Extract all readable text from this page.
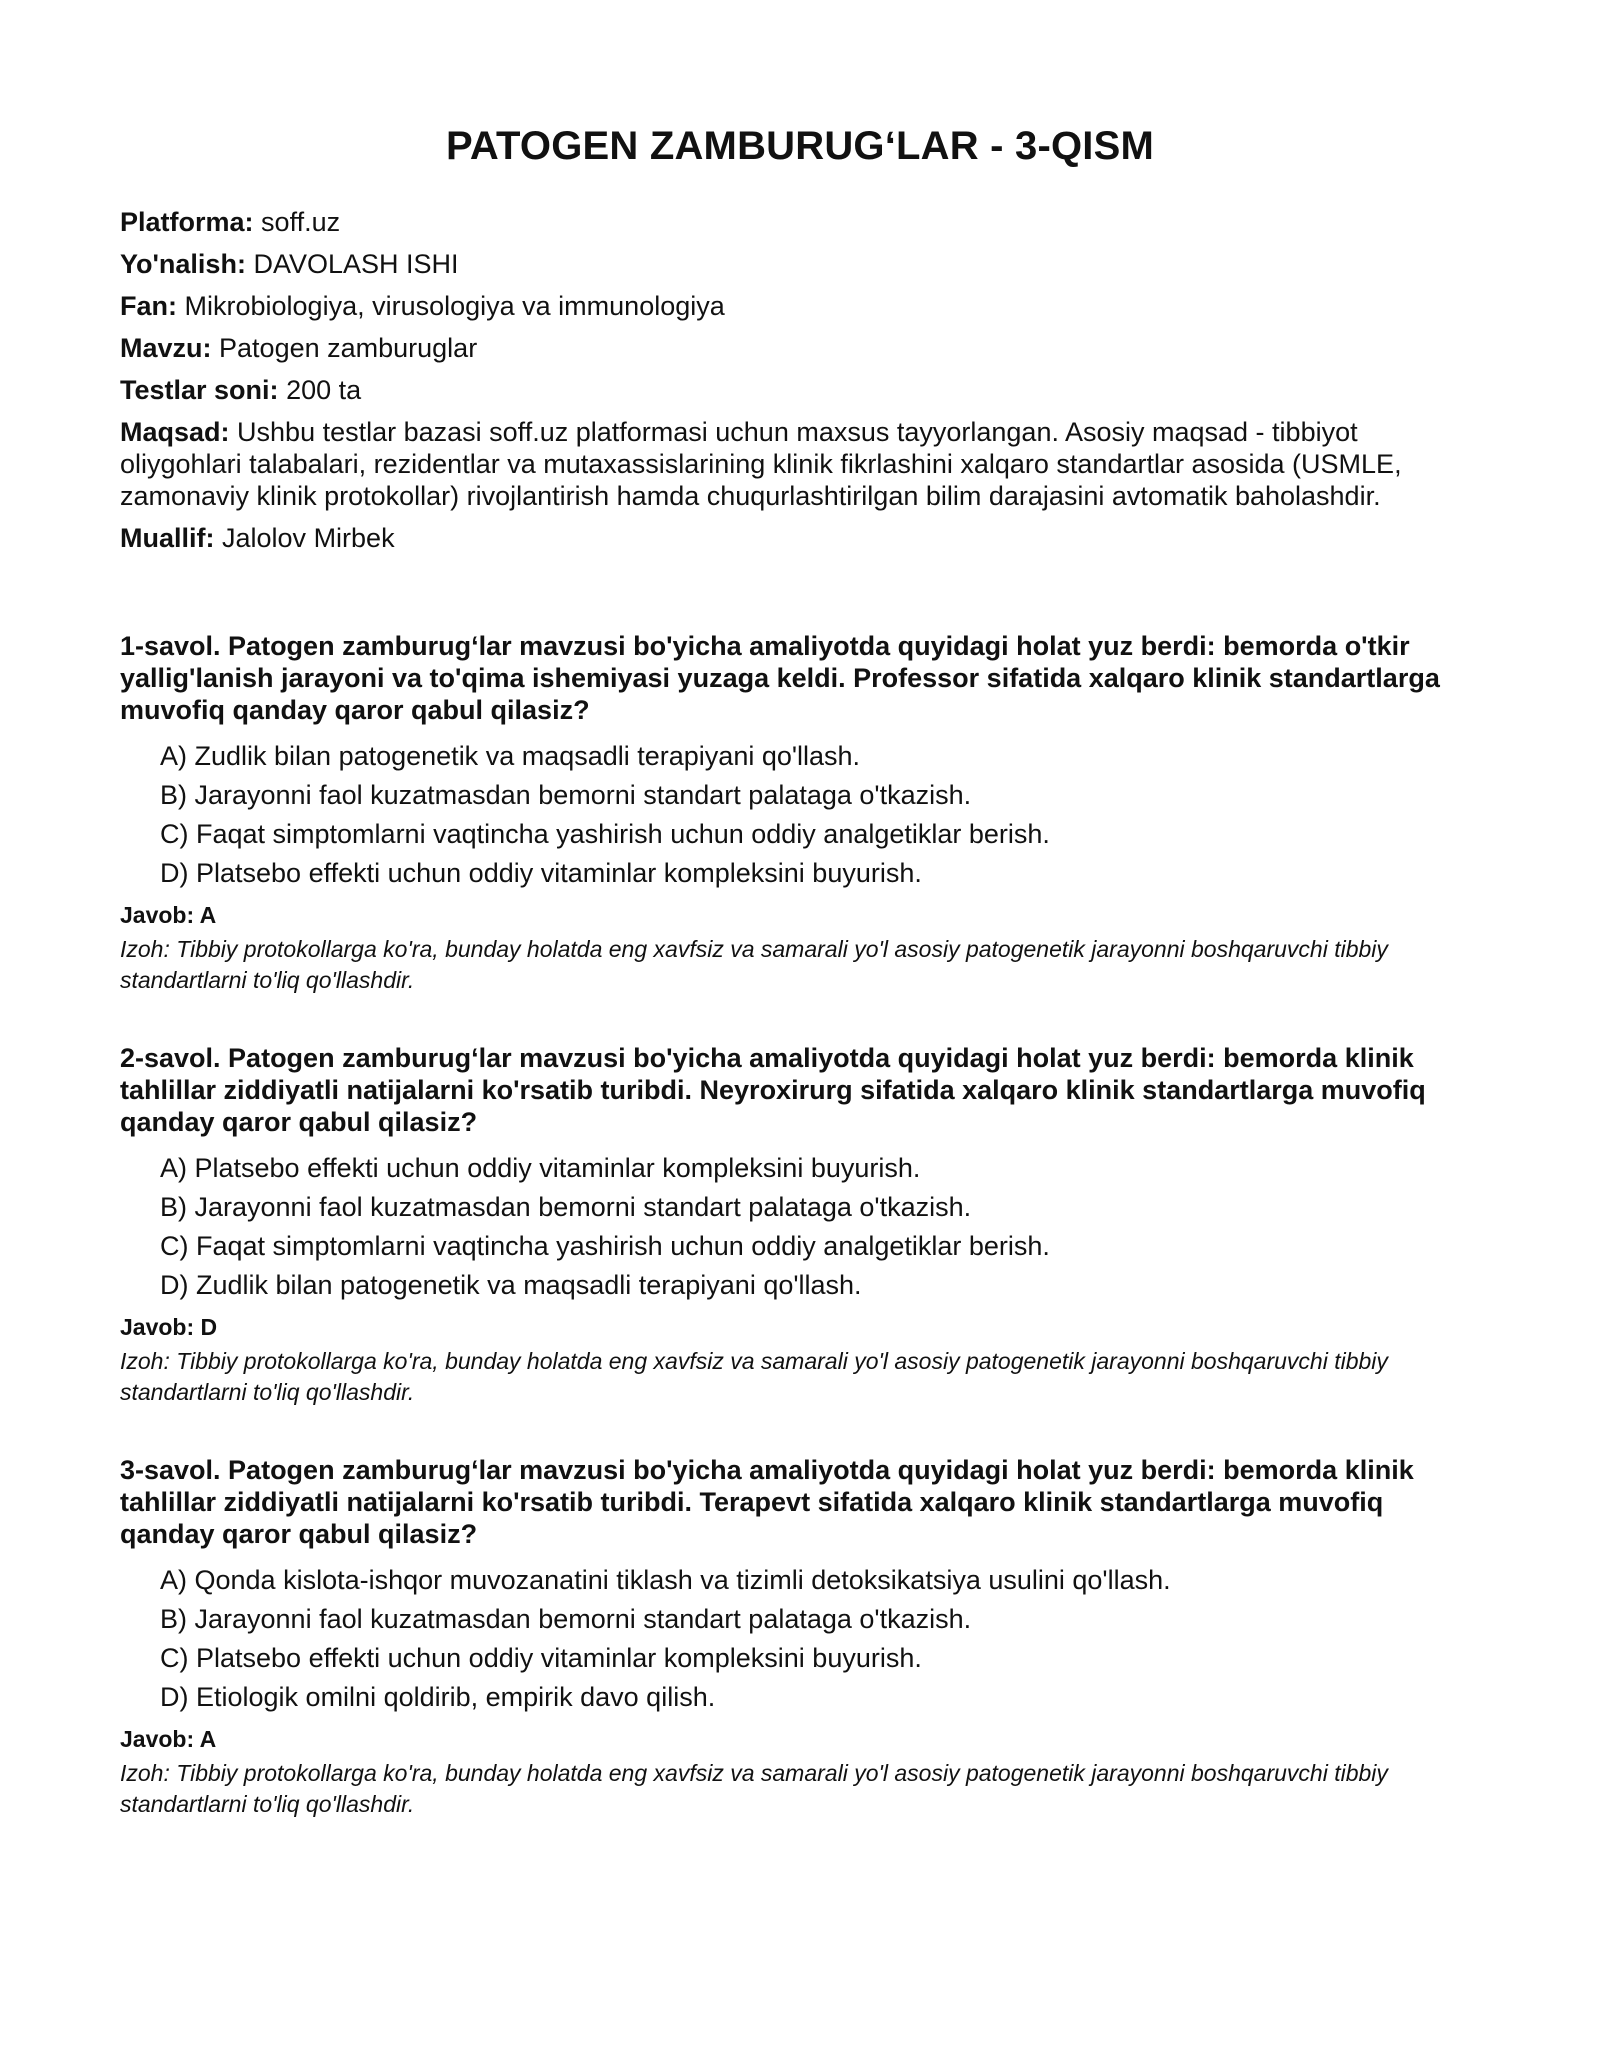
PATOGEN ZAMBURUG‘LAR - 3-QISM
Platforma: soff.uz
Yo'nalish: DAVOLASH ISHI
Fan: Mikrobiologiya, virusologiya va immunologiya
Mavzu: Patogen zamburuglar
Testlar soni: 200 ta
Maqsad: Ushbu testlar bazasi soff.uz platformasi uchun maxsus tayyorlangan. Asosiy maqsad - tibbiyot oliygohlari talabalari, rezidentlar va mutaxassislarining klinik fikrlashini xalqaro standartlar asosida (USMLE, zamonaviy klinik protokollar) rivojlantirish hamda chuqurlashtirilgan bilim darajasini avtomatik baholashdir.
Muallif: Jalolov Mirbek
1-savol. Patogen zamburug‘lar mavzusi bo'yicha amaliyotda quyidagi holat yuz berdi: bemorda o'tkir yallig'lanish jarayoni va to'qima ishemiyasi yuzaga keldi. Professor sifatida xalqaro klinik standartlarga muvofiq qanday qaror qabul qilasiz?
A) Zudlik bilan patogenetik va maqsadli terapiyani qo'llash.
B) Jarayonni faol kuzatmasdan bemorni standart palataga o'tkazish.
C) Faqat simptomlarni vaqtincha yashirish uchun oddiy analgetiklar berish.
D) Platsebo effekti uchun oddiy vitaminlar kompleksini buyurish.
Javob: A
Izoh: Tibbiy protokollarga ko'ra, bunday holatda eng xavfsiz va samarali yo'l asosiy patogenetik jarayonni boshqaruvchi tibbiy standartlarni to'liq qo'llashdir.
2-savol. Patogen zamburug‘lar mavzusi bo'yicha amaliyotda quyidagi holat yuz berdi: bemorda klinik tahlillar ziddiyatli natijalarni ko'rsatib turibdi. Neyroxirurg sifatida xalqaro klinik standartlarga muvofiq qanday qaror qabul qilasiz?
A) Platsebo effekti uchun oddiy vitaminlar kompleksini buyurish.
B) Jarayonni faol kuzatmasdan bemorni standart palataga o'tkazish.
C) Faqat simptomlarni vaqtincha yashirish uchun oddiy analgetiklar berish.
D) Zudlik bilan patogenetik va maqsadli terapiyani qo'llash.
Javob: D
Izoh: Tibbiy protokollarga ko'ra, bunday holatda eng xavfsiz va samarali yo'l asosiy patogenetik jarayonni boshqaruvchi tibbiy standartlarni to'liq qo'llashdir.
3-savol. Patogen zamburug‘lar mavzusi bo'yicha amaliyotda quyidagi holat yuz berdi: bemorda klinik tahlillar ziddiyatli natijalarni ko'rsatib turibdi. Terapevt sifatida xalqaro klinik standartlarga muvofiq qanday qaror qabul qilasiz?
A) Qonda kislota-ishqor muvozanatini tiklash va tizimli detoksikatsiya usulini qo'llash.
B) Jarayonni faol kuzatmasdan bemorni standart palataga o'tkazish.
C) Platsebo effekti uchun oddiy vitaminlar kompleksini buyurish.
D) Etiologik omilni qoldirib, empirik davo qilish.
Javob: A
Izoh: Tibbiy protokollarga ko'ra, bunday holatda eng xavfsiz va samarali yo'l asosiy patogenetik jarayonni boshqaruvchi tibbiy standartlarni to'liq qo'llashdir.
